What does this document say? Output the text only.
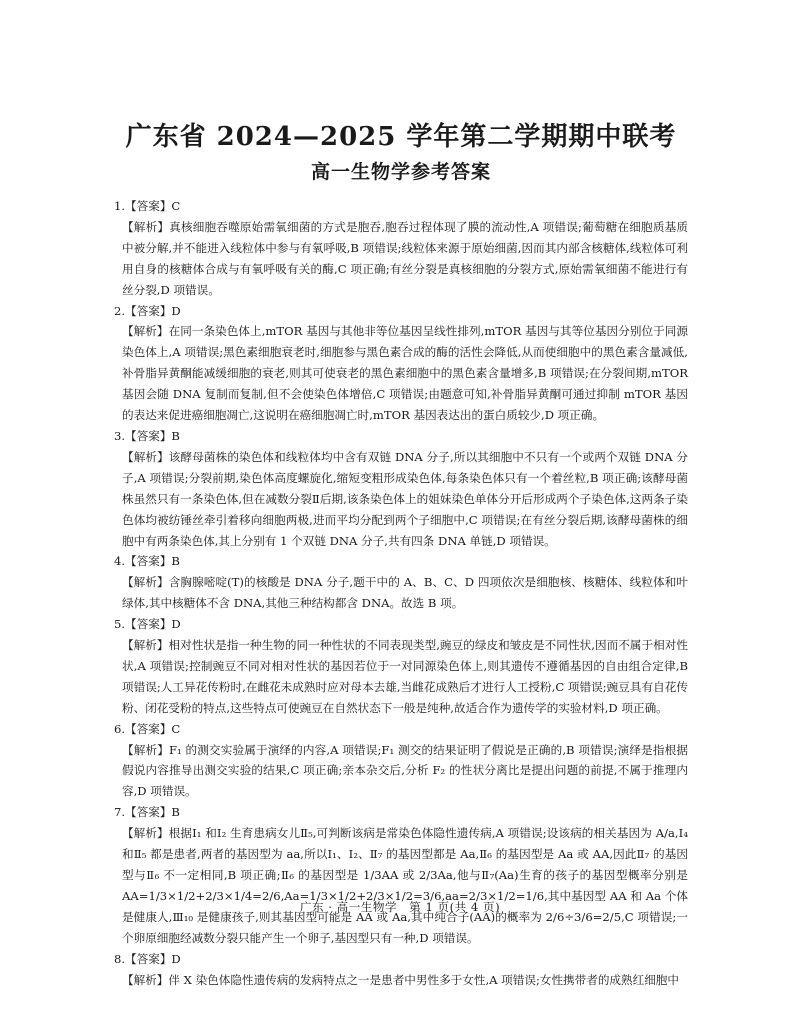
广东省 2024—2025 学年第二学期期中联考
高一生物学参考答案

1.【答案】C

【解析】真核细胞吞噬原始需氧细菌的方式是胞吞,胞吞过程体现了膜的流动性,A 项错误;葡萄糖在细胞质基质中被分解,并不能进入线粒体中参与有氧呼吸,B 项错误;线粒体来源于原始细菌,因而其内部含核糖体,线粒体可利用自身的核糖体合成与有氧呼吸有关的酶,C 项正确;有丝分裂是真核细胞的分裂方式,原始需氧细菌不能进行有丝分裂,D 项错误。

2.【答案】D

【解析】在同一条染色体上,mTOR 基因与其他非等位基因呈线性排列,mTOR 基因与其等位基因分别位于同源染色体上,A 项错误;黑色素细胞衰老时,细胞参与黑色素合成的酶的活性会降低,从而使细胞中的黑色素含量减低,补骨脂异黄酮能减缓细胞的衰老,则其可使衰老的黑色素细胞中的黑色素含量增多,B 项错误;在分裂间期,mTOR 基因会随 DNA 复制而复制,但不会使染色体增倍,C 项错误;由题意可知,补骨脂异黄酮可通过抑制 mTOR 基因的表达来促进癌细胞凋亡,这说明在癌细胞凋亡时,mTOR 基因表达出的蛋白质较少,D 项正确。

3.【答案】B

【解析】该酵母菌株的染色体和线粒体均中含有双链 DNA 分子,所以其细胞中不只有一个或两个双链 DNA 分子,A 项错误;分裂前期,染色体高度螺旋化,缩短变粗形成染色体,每条染色体只有一个着丝粒,B 项正确;该酵母菌株虽然只有一条染色体,但在减数分裂Ⅱ后期,该条染色体上的姐妹染色单体分开后形成两个子染色体,这两条子染色体均被纺锤丝牵引着移向细胞两极,进而平均分配到两个子细胞中,C 项错误;在有丝分裂后期,该酵母菌株的细胞中有两条染色体,其上分别有 1 个双链 DNA 分子,共有四条 DNA 单链,D 项错误。

4.【答案】B

【解析】含胸腺嘧啶(T)的核酸是 DNA 分子,题干中的 A、B、C、D 四项依次是细胞核、核糖体、线粒体和叶绿体,其中核糖体不含 DNA,其他三种结构都含 DNA。故选 B 项。

5.【答案】D

【解析】相对性状是指一种生物的同一种性状的不同表现类型,豌豆的绿皮和皱皮是不同性状,因而不属于相对性状,A 项错误;控制豌豆不同对相对性状的基因若位于一对同源染色体上,则其遗传不遵循基因的自由组合定律,B 项错误;人工异花传粉时,在雌花未成熟时应对母本去雄,当雌花成熟后才进行人工授粉,C 项错误;豌豆具有自花传粉、闭花受粉的特点,这些特点可使豌豆在自然状态下一般是纯种,故适合作为遗传学的实验材料,D 项正确。

6.【答案】C

【解析】F₁ 的测交实验属于演绎的内容,A 项错误;F₁ 测交的结果证明了假说是正确的,B 项错误;演绎是指根据假说内容推导出测交实验的结果,C 项正确;亲本杂交后,分析 F₂ 的性状分离比是提出问题的前提,不属于推理内容,D 项错误。

7.【答案】B

【解析】根据Ⅰ₁ 和Ⅰ₂ 生育患病女儿Ⅱ₅,可判断该病是常染色体隐性遗传病,A 项错误;设该病的相关基因为 A/a,Ⅰ₄ 和Ⅱ₅ 都是患者,两者的基因型为 aa,所以Ⅰ₁、Ⅰ₂、Ⅱ₇ 的基因型都是 Aa,Ⅱ₆ 的基因型是 Aa 或 AA,因此Ⅱ₇ 的基因型与Ⅱ₆ 不一定相同,B 项正确;Ⅱ₆ 的基因型是 1/3AA 或 2/3Aa,他与Ⅱ₇(Aa)生育的孩子的基因型概率分别是 AA=1/3×1/2+2/3×1/4=2/6,Aa=1/3×1/2+2/3×1/2=3/6,aa=2/3×1/2=1/6,其中基因型 AA 和 Aa 个体是健康人,Ⅲ₁₀ 是健康孩子,则其基因型可能是 AA 或 Aa,其中纯合子(AA)的概率为 2/6÷3/6=2/5,C 项错误;一个卵原细胞经减数分裂只能产生一个卵子,基因型只有一种,D 项错误。

8.【答案】D

【解析】伴 X 染色体隐性遗传病的发病特点之一是患者中男性多于女性,A 项错误;女性携带者的成熟红细胞中

广东 · 高一生物学　第 1 页(共 4 页)
